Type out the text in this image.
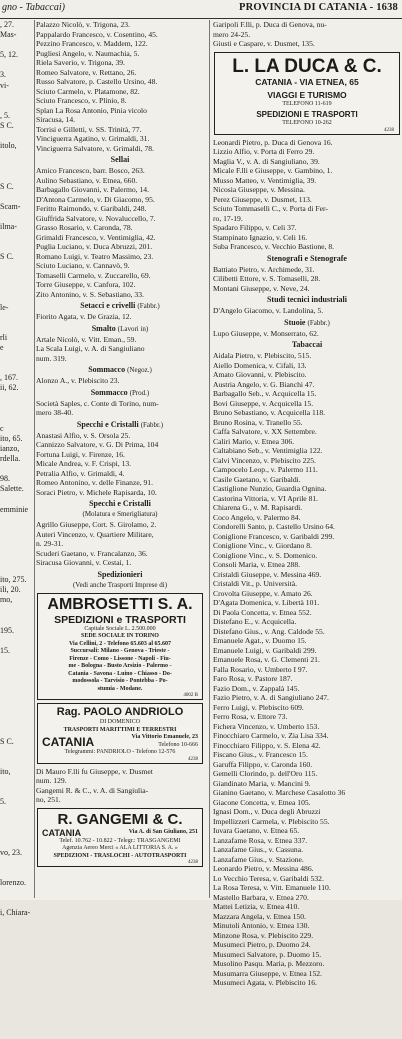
gno - Tabaccai)	PROVINCIA DI CATANIA - 1638
, 27.
Mas-

5, 12.

3.
vi-

, 5.
S C.

itolo,

S C.

Scam-

ilma-

S C.

le-

rli
e

, 167.
ii, 62.

c
ito, 65.
ianzo,
rdella.

98.
Salette.

emminie

ito, 275.
ili, 20.
mo,

195.

15.

S C.

ito,

5.

vo, 23.

lorenzo.

i, Chiara-

Palazzo Nicolò, v. Trigona, 23.
Pappalardo Francesco, v. Cosentino, 45.
Pezzino Francesco, v. Maddem, 122.
Pugliesi Angelo, v. Naumachia, 5.
Riela Saverio, v. Trigona, 39.
Romeo Salvatore, v. Rettano, 26.
Russo Salvatore, p. Castello Ursino, 48.
Sciuto Carmelo, v. Platamone, 82.
Sciuto Francesco, v. Plinio, 8.
Splan La Rosa Antonio, Pinia vicolo
Siracusa, 14.
Torrisi e Gilletti, v. SS. Trinità, 77.
Vinciguerra Agatino, v. Grimaldi, 31.
Vinciguerra Salvatore, v. Grimaldi, 78.
Sellai
Amico Francesco, barr. Bosco, 263.
Aulino Sebastiano, v. Etnea, 660.
Barbagallo Giovanni, v. Palermo, 14.
D'Antona Carmelo, v. Di Giacomo, 95.
Feritto Raimondo, v. Garibaldi, 248.
Giuffrida Salvatore, v. Novaluccello, 7.
Grasso Rosario, v. Caronda, 78.
Grimaldi Francesco, v. Ventimiglia, 42.
Puglia Luciano, v. Duca Abruzzi, 201.
Romano Luigi, v. Teatro Massimo, 23.
Sciuto Luciano, v. Cannavò, 9.
Tomaselli Carmelo, v. Zuccarello, 69.
Torre Giuseppe, v. Canfora, 102.
Zito Antonino, v. S. Sebastiano, 33.
Setacci e crivelli (Fabbr.)
Fiorito Agata, v. De Grazia, 12.
Smalto (Lavori in)
Artale Nicolò, v. Vitt. Eman., 59.
La Scala Luigi, v. A. di Sangiuliano
num. 319.
Sommacco (Negoz.)
Alonzo A., v. Plebiscito 23.
Sommacco (Prod.)
Società Saples, c. Conte di Torino, num-
mero 38-40.
Specchi e Cristalli (Fabbr.)
Anastasi Alfio, v. S. Orsola 25.
Cannizzo Salvatore, v. G. Di Prima, 104
Fortuna Luigi, v. Firenze, 16.
Micale Andrea, v. F. Crispi, 13.
Petralia Alfio, v. Grimaldi, 4.
Romeo Antonino, v. delle Finanze, 91.
Soraci Pietro, v. Michele Rapisarda, 10.
Specchi e Cristalli
(Molatura e Smerigliatura)
Agrillo Giuseppe, Cort. S. Girolamo, 2.
Auteri Vincenzo, v. Quartiere Militare,
n. 29-31.
Scuderi Gaetano, v. Francalanzo, 36.
Siracusa Giovanni, v. Cestai, 1.
Spedizionieri
(Vedi anche Trasporti Imprese di)
AMBROSETTI S. A.
SPEDIZIONI e TRASPORTI
Capitale Sociale L. 2.500.000
SEDE SOCIALE IN TORINO
Via Cellini, 2 - Telefono 65.603 al 65.607
Succursali: Milano - Genova - Trieste -
Firenze - Como - Lissone - Napoli - Fiu-
me - Bologna - Busto Arsizio - Palermo -
Catania - Savona - Luino - Chiasso - Do-
modossola - Tarvisio - Pontebba - Po-
stumia - Modane.
4002 B
Rag. PAOLO ANDRIOLO
DI DOMENICO
TRASPORTI MARITTIMI E TERRESTRI
CATANIA	Via Vittorio Emanuele, 23
Telefono 10-666
Telegrammi: PANDRIOLO - Telefono 12-576
4238
Di Mauro F.lli fu Giuseppe, v. Dusmet
num. 129.
Gangemi R. & C., v. A. di Sangiulia-
no, 251.
R. GANGEMI & C.
CATANIA	Via A. di San Giuliano, 251
Telef. 10.762 - 10.822 - Telegr.: TRASGANGEMI
Agenzia Aereo Merci « ALA LITTORIA S. A. »
SPEDIZIONI - TRASLOCHI - AUTOTRASPORTI
4238
Garipoli F.lli, p. Duca di Genova, nu-
mero 24-25.
Giusti e Caspare, v. Dusmet, 135.
L. LA DUCA & C.
CATANIA - VIA ETNEA, 65
VIAGGI E TURISMO
TELEFONO 11-619
SPEDIZIONI E TRASPORTI
TELEFONO 10-262
4238
Leonardi Pietro, p. Duca di Genova 16.
Lizzio Alfio, v. Porta di Ferro 29.
Maglia V., v. A. di Sangiuliano, 39.
Micale F.lli e Giuseppe, v. Gambino, 1.
Musso Matteo, v. Ventimiglia, 39.
Nicosia Giuseppe, v. Messina.
Perez Giuseppe, v. Dusmet, 113.
Sciuto Tommaselli C., v. Porta di Fer-
ro, 17-19.
Spadaro Filippo, v. Celi 37.
Stampinato Ignazio, v. Celi 16.
Suba Francesco, v. Vecchio Bastione, 8.
Stenografi e Stenografe
Battiato Pietro, v. Archimede, 31.
Cilibetti Ettore, v. S. Tomaselli, 28.
Montani Giuseppe, v. Neve, 24.
Studi tecnici industriali
D'Angelo Giacomo, v. Landolina, 5.
Stuoie (Fabbr.)
Lupo Giuseppe, v. Monserrato, 62.
Tabaccai
Aidala Pietro, v. Plebiscito, 515.
Aiello Domenica, v. Cifali, 13.
Amato Giovanni, v. Plebiscito.
Austria Angelo, v. G. Bianchi 47.
Barbagallo Seb., v. Acquicella 15.
Bovi Giuseppe, v. Acquicella 15.
Bruno Sebastiano, v. Acquicella 118.
Bruno Rosina, v. Tranello 55.
Caffa Salvatore, v. XX Settembre.
Caliri Mario, v. Etnea 306.
Caltabiano Seb., v. Ventimiglia 122.
Calvi Vincenzo, v. Plebiscito 225.
Campocelo Leop., v. Palermo 111.
Casile Gaetano, v. Garibaldi.
Castiglione Nunzio, Guardia Ognina.
Castorina Vittoria, v. VI Aprile 81.
Chiarena G., v. M. Rapisardi.
Coco Angelo, v. Palermo 84.
Condorelli Santo, p. Castello Ursino 64.
Coniglione Francesco, v. Garibaldi 299.
Coniglione Vinc., v. Giordano 8.
Coniglione Vinc., v. S. Domenico.
Consoli Maria, v. Etnea 288.
Cristaldi Giuseppe, v. Messina 469.
Cristaldi Vit., p. Università.
Crovolta Giuseppe, v. Amato 26.
D'Agata Domenica, v. Libertà 101.
Di Paola Concetta, v. Etnea 552.
Distefano E., v. Acquicella.
Distefano Gius., v. Ang. Caldode 55.
Emanuele Agat., v. Duomo 15.
Emanuele Luigi, v. Garibaldi 299.
Emanuele Rosa, v. G. Clementi 21.
Falla Rosario, v. Umberto I 97.
Faro Rosa, v. Pastore 187.
Fazio Dom., v. Zappalà 145.
Fazio Pietro, v. A. di Sangiuliano 247.
Ferro Luigi, v. Plebiscito 609.
Ferro Rosa, v. Ettore 73.
Fichera Vincenzo, v. Umberto 153.
Finocchiaro Carmelo, v. Zia Lisa 334.
Finocchiaro Filippo, v. S. Elena 42.
Fiscano Gius., v. Francesco 15.
Garuffa Filippo, v. Caronda 160.
Gemelli Clorindo, p. dell'Oro 115.
Giandinato Maria, v. Mancini 9.
Gianino Gaetano, v. Marchese Casalotto 36
Giacone Concetta, v. Etnea 105.
Ignasi Dom., v. Duca degli Abruzzi
Impellizzeri Carmela, v. Plebiscito 55.
Iuvara Gaetano, v. Etnea 65.
Lanzafame Rosa, v. Etnea 337.
Lanzafame Gius., v. Cassuna.
Lanzafame Gius., v. Stazione.
Leonardo Pietro, v. Messina 486.
Lo Vecchio Teresa, v. Garibaldi 532.
La Rosa Teresa, v. Vitt. Emanuele 110.
Mastello Barbara, v. Etnea 270.
Mattei Letizia, v. Etnea 410.
Mazzara Angela, v. Etnea 150.
Minutoli Antonio, v. Etnea 130.
Minzone Rosa, v. Plebiscito 229.
Musumeci Pietro, p. Duomo 24.
Musumeci Salvatore, p. Duomo 15.
Musolino Pasqu. Maria, p. Mezzoro.
Musumarra Giuseppe, v. Etnea 152.
Musumeci Agata, v. Plebiscito 16.
